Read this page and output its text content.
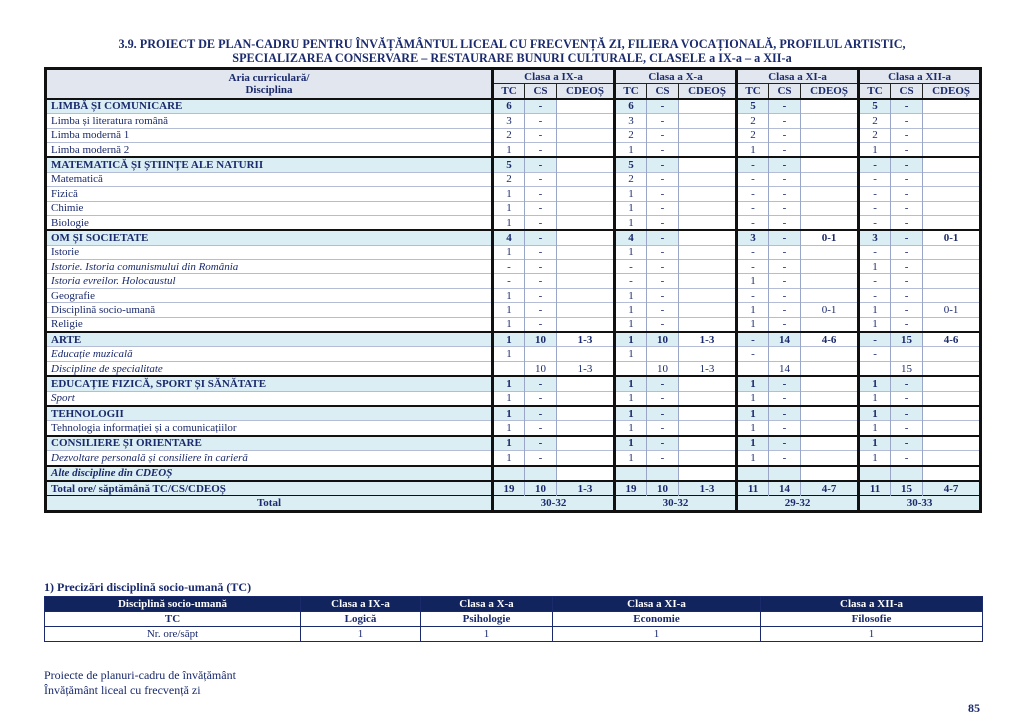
3.9. PROIECT DE PLAN-CADRU PENTRU ÎNVĂȚĂMÂNTUL LICEAL CU FRECVENȚĂ ZI, FILIERA VOCAȚIONALĂ, PROFILUL ARTISTIC,
SPECIALIZAREA CONSERVARE – RESTAURARE BUNURI CULTURALE, CLASELE a IX-a – a XII-a
Aria curriculară/
Disciplina	Clasa a IX-a			Clasa a X-a			Clasa a XI-a			Clasa a XII-a		
	TC	CS	CDEOȘ	TC	CS	CDEOȘ	TC	CS	CDEOȘ	TC	CS	CDEOȘ
LIMBĂ ȘI COMUNICARE	6	-		6	-		5	-		5	-	
Limba și literatura română	3	-		3	-		2	-		2	-	
Limba modernă 1	2	-		2	-		2	-		2	-	
Limba modernă 2	1	-		1	-		1	-		1	-	
MATEMATICĂ ȘI ȘTIINȚE ALE NATURII	5	-		5	-		-	-		-	-	
Matematică	2	-		2	-		-	-		-	-	
Fizică	1	-		1	-		-	-		-	-	
Chimie	1	-		1	-		-	-		-	-	
Biologie	1	-		1	-		-	-		-	-	
OM ȘI SOCIETATE	4	-		4	-		3	-	0-1	3	-	0-1
Istorie	1	-		1	-		-	-		-	-	
Istorie. Istoria comunismului din România	-	-		-	-		-	-		1	-	
Istoria evreilor. Holocaustul	-	-		-	-		1	-		-	-	
Geografie	1	-		1	-		-	-		-	-	
Disciplină socio-umană	1	-		1	-		1	-	0-1	1	-	0-1
Religie	1	-		1	-		1	-		1	-	
ARTE	1	10	1-3	1	10	1-3	-	14	4-6	-	15	4-6
Educație muzicală	1			1			-			-		
Discipline de specialitate		10	1-3		10	1-3		14			15	
EDUCAȚIE FIZICĂ, SPORT ȘI SĂNĂTATE	1	-		1	-		1	-		1	-	
Sport	1	-		1	-		1	-		1	-	
TEHNOLOGII	1	-		1	-		1	-		1	-	
Tehnologia informației și a comunicațiilor	1	-		1	-		1	-		1	-	
CONSILIERE ȘI ORIENTARE	1	-		1	-		1	-		1	-	
Dezvoltare personală și consiliere în carieră	1	-		1	-		1	-		1	-	
Alte discipline din CDEOȘ												
Total ore/ săptămână TC/CS/CDEOȘ	19	10	1-3	19	10	1-3	11	14	4-7	11	15	4-7
Total	30-32			30-32			29-32			30-33		
1) Precizări disciplină socio-umană (TC)
Disciplină socio-umană	Clasa a IX-a	Clasa a X-a	Clasa a XI-a	Clasa a XII-a
TC	Logică	Psihologie	Economie	Filosofie
Nr. ore/săpt	1	1	1	1
Proiecte de planuri-cadru de învățământ
Învățământ liceal cu frecvență zi
85
